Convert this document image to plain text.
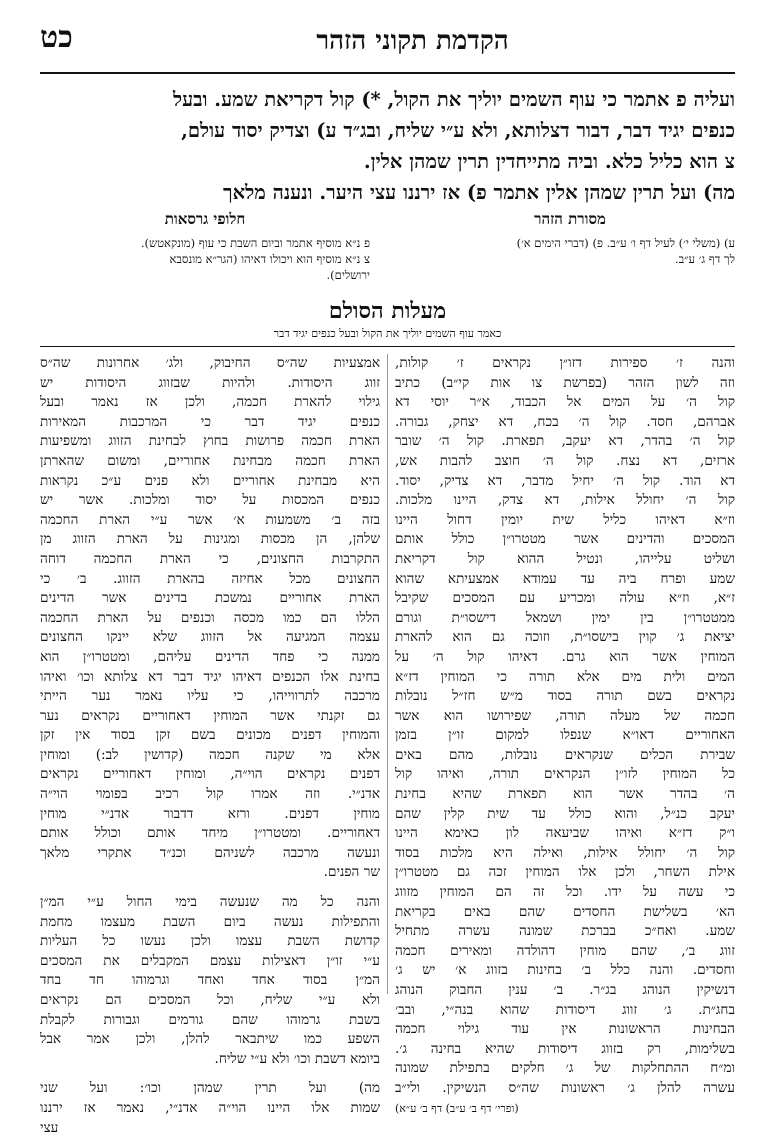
כט	הקדמת תקוני הזהר
ועליה פ אתמר כי עוף השמים יוליך את הקול, *) קול דקריאת שמע. ובעל
כנפים יגיד דבר, דבור דצלותא, ולא ע״י שליח, ובג״ד ע) וצדיק יסוד עולם,
צ הוא כליל כלא. וביה מתייחדין תרין שמהן אלין.
מה) ועל תרין שמהן אלין אתמר פ) אז ירננו עצי היער. ונענה מלאך
מסורת הזהר
ע) (משלי י׳) לעיל דף ו׳ ע״ב. פ) (דברי הימים א׳)
לך דף ג׳ ע״ב.
חלופי גרסאות
פ נ״א מוסיף אתמר וביום השבת כי עוף (מונקאטש).
צ נ״א מוסיף הוא ויכולו דאיהו (הגר״א מונסבא
ירושלים).
מעלות הסולם
כאמר עוף השמים יוליך את הקול ובעל כנפים יגיד דבר
והנה ז׳ ספירות דזו״ן נקראים ז׳ קולות,
וזה לשון הזהר (בפרשת צו אות קי״ב) כתיב
קול ה׳ על המים אל הכבוד, א״ר יוסי דא
אברהם, חסד. קול ה׳ בכח, דא יצחק, גבורה.
קול ה׳ בהדר, דא יעקב, תפארת. קול ה׳ שובר
ארזים, דא נצח. קול ה׳ חוצב להבות אש,
דא הוד. קול ה׳ יחיל מדבר, דא צדיק, יסוד.
קול ה׳ יחולל אילות, דא צדק, היינו מלכות.
וז״א דאיהו כליל שית יומין דחול היינו
המסכים והדינים אשר מטטרו״ן כולל אותם
ושליט עלייהו, ונטיל ההוא קול דקריאת
שמע ופרח ביה עד עמודא אמצעיתא שהוא
ז״א, וז״א עולה ומכריע עם המסכים שקיבל
ממטטרו״ן בין ימין ושמאל דישסו״ת וגורם
יציאת ג׳ קוין בישסו״ת, וזוכה גם הוא להארת
המוחין אשר הוא גרם. דאיהו קול ה׳ על
המים ולית מים אלא תורה כי המוחין דז״א
נקראים בשם תורה בסוד מ״ש חז״ל נובלות
חכמה של מעלה תורה, שפירושו הוא אשר
האחוריים דאו״א שנפלו למקום זו״ן בזמן
שבירת הכלים שנקראים נובלות, מהם באים
כל המוחין לזו״ן הנקראים תורה, ואיהו קול
ה׳ בהדר אשר הוא תפארת שהיא בחינת
יעקב כנ״ל, והוא כולל עד שית קלין שהם
ו״ק דז״א ואיהו שביעאה לון כאימא היינו
קול ה׳ יחולל אילות, ואילה היא מלכות בסוד
אילת השחר, ולכן אלו המוחין זכה גם מטטרו״ן
כי עשה על ידו. וכל זה הם המוחין מזווג
הא׳ בשלישת החסדים שהם באים בקריאת
שמע. ואח״כ בברכת שמונה עשרה מתחיל
זווג ב׳, שהם מוחין דהולדה ומאירים חכמה
וחסדים. והנה כלל ב׳ בחינות בזווג א׳ יש ג׳
דנשיקין הנוהג בג״ר. ב׳ ענין החבוק הנוהג
בחג״ת. ג׳ זווג דיסודות שהוא בנה״י, ובב׳
הבחינות הראשונות אין עוד גילוי חכמה
בשלימות, רק בזווג דיסודות שהיא בחינה ג׳.
ומ״ח ההתחלקות של ג׳ חלקים בתפילת שמונה
עשרה להלן ג׳ ראשונות שה״ס הנשיקין. ולי״ב
(ופרי׳ דף ב׳ ע״ב) דף ב׳ ע״א)
אמצעיות שה״ס החיבוק, ולג׳ אחרונות שה״ס
זווג היסודות. ולהיות שבזווג היסודות יש
גילוי להארת חכמה, ולכן אז נאמר ובעל
כנפים יגיד דבר כי המרכבות המאירות
הארת חכמה פרושות בחוץ לבחינת הזווג ומשפיעות
הארת חכמה מבחינת אחוריים, ומשום שהארתן
היא מבחינת אחוריים ולא פנים ע״כ נקראות
כנפים המכסות על יסוד ומלכות. אשר יש
בזה ב׳ משמעות א׳ אשר ע״י הארת החכמה
שלהן, הן מכסות ומגינות על הארת הזווג מן
התקרבות החצונים, כי הארת החכמה דוחה
החצונים מכל אחיזה בהארת הזווג. ב׳ כי
הארת אחוריים נמשכת בדינים אשר הדינים
הללו הם כמו מכסה וכנפים על הארת החכמה
עצמה המגיעה אל הזווג שלא יינקו החצונים
ממנה כי פחד הדינים עליהם, ומטטרו״ן הוא
בחינת אלו הכנפים דאיהו יגיד דבר דא צלותא וכו׳ ואיהו
מרכבה לתרווייהו, כי עליו נאמר נער הייתי
גם זקנתי אשר המוחין דאחוריים נקראים נער
והמוחין דפנים מכונים בשם זקן בסוד אין זקן
אלא מי שקנה חכמה (קדושין לב:) ומוחין
דפנים נקראים הוי״ה, ומוחין דאחוריים נקראים
אדנ״י. וזה אמרו קול רכיב בפומוי הוי״ה
מוחין דפנים. ורזא דדבור אדנ״י מוחין
דאחוריים. ומטטרו״ן מיחד אותם וכולל אותם
ונעשה מרכבה לשניהם וכנ״ד אתקרי מלאך
שר הפנים.
והנה כל מה שנעשה בימי החול ע״י המ״ן
והתפילות נעשה ביום השבת מעצמו מחמת
קדושת השבת עצמו ולכן נעשו כל העליות
ע״י זו״ן דאצילות עצמם המקבלים את המסכים
המ״ן בסוד אחד ואחד וגרמוהו חד בחד
ולא ע״י שליח, וכל המסכים הם נקראים
בשבת גרמוהו שהם גורמים וגבורות לקבלת
השפע כמו שיתבאר להלן, ולכן אמר אבל
ביומא דשבת וכו׳ ולא ע״י שליח.
מה) ועל תרין שמהן וכו׳: ועל שני
שמות אלו היינו הוי״ה אדנ״י, נאמר אז ירננו
עצי
